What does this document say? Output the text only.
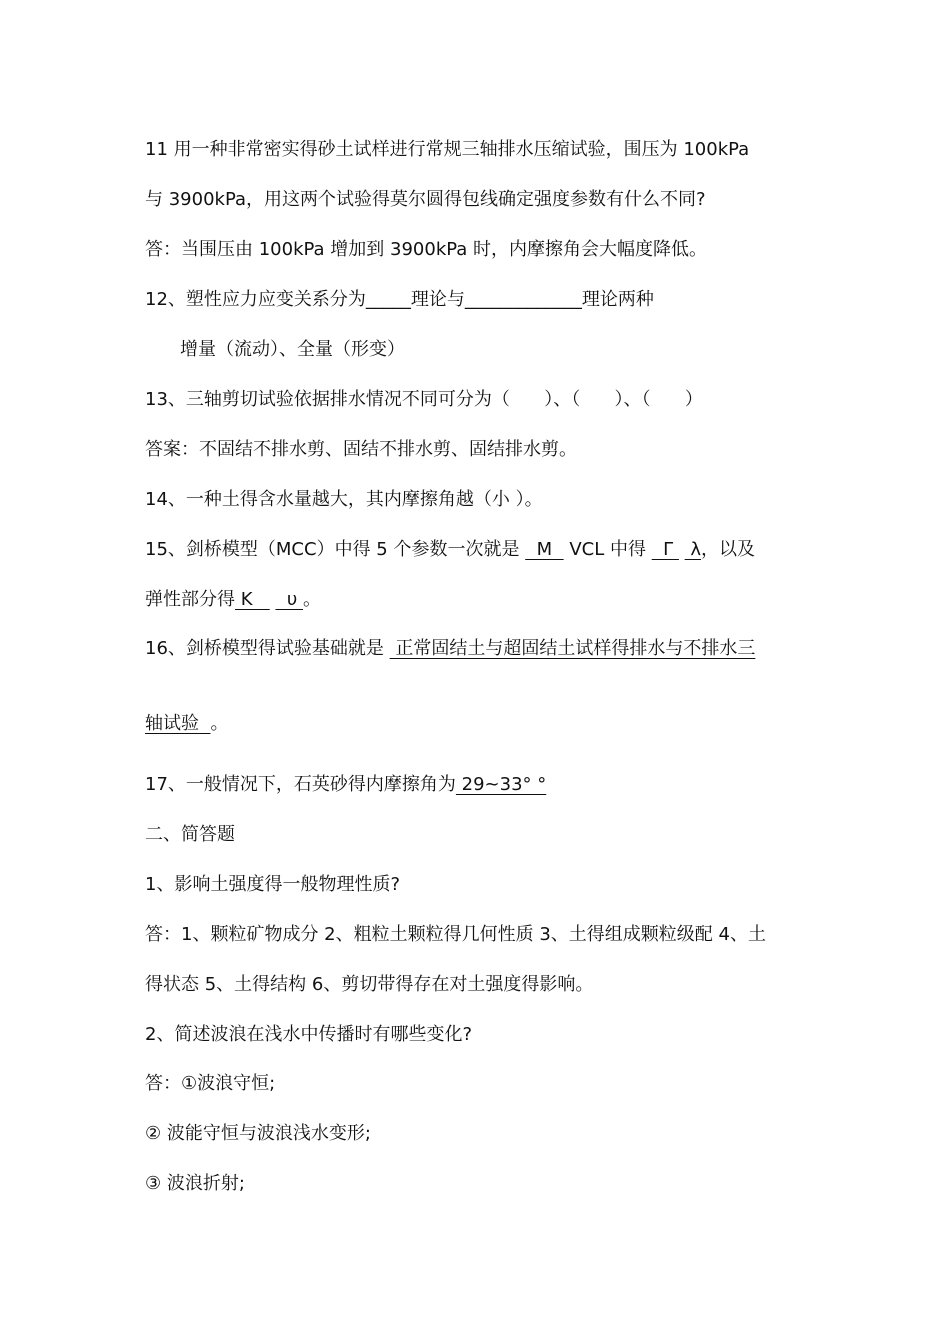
11 用一种非常密实得砂土试样进行常规三轴排水压缩试验，围压为 100kPa
与 3900kPa，用这两个试验得莫尔圆得包线确定强度参数有什么不同?
答：当围压由 100kPa 增加到 3900kPa 时，内摩擦角会大幅度降低。
12、塑性应力应变关系分为_____理论与_____________理论两种
增量（流动）、全量（形变）
13、三轴剪切试验依据排水情况不同可分为（      ）、（      ）、（      ）
答案：不固结不排水剪、固结不排水剪、固结排水剪。
14、一种土得含水量越大，其内摩擦角越（小 ）。
15、剑桥模型（MCC）中得 5 个参数一次就是   M   VCL 中得   Γ   λ，以及
弹性部分得 K      υ 。
16、剑桥模型得试验基础就是  正常固结土与超固结土试样得排水与不排水三
轴试验  。
17、一般情况下，石英砂得内摩擦角为 29~33° °
二、简答题
1、影响土强度得一般物理性质?
答：1、颗粒矿物成分 2、粗粒土颗粒得几何性质 3、土得组成颗粒级配 4、土
得状态 5、土得结构 6、剪切带得存在对土强度得影响。
2、简述波浪在浅水中传播时有哪些变化?
答：①波浪守恒;
② 波能守恒与波浪浅水变形;
③ 波浪折射;
